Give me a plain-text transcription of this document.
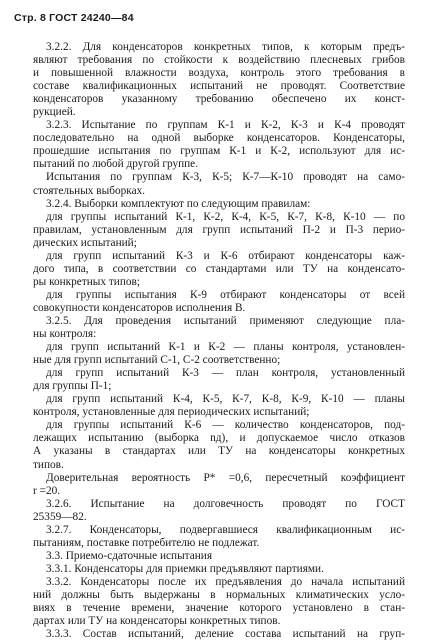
Стр. 8 ГОСТ 24240—84
3.2.2. Для конденсаторов конкретных типов, к которым предъ-
являют требования по стойкости к воздействию плесневых грибов
и повышенной влажности воздуха, контроль этого требования в
составе квалификационных испытаний не проводят. Соответствие
конденсаторов указанному требованию обеспечено их конст-
рукцией.
3.2.3. Испытание по группам К-1 и К-2, К-3 и К-4 проводят
последовательно на одной выборке конденсаторов. Конденсаторы,
прошедшие испытания по группам К-1 и К-2, используют для ис-
пытаний по любой другой группе.
Испытания по группам К-3, К-5; К-7—К-10 проводят на само-
стоятельных выборках.
3.2.4. Выборки комплектуют по следующим правилам:
для группы испытаний К-1, К-2, К-4, К-5, К-7, К-8, К-10 — по
правилам, установленным для групп испытаний П-2 и П-3 перио-
дических испытаний;
для групп испытаний К-3 и К-6 отбирают конденсаторы каж-
дого типа, в соответствии со стандартами или ТУ на конденсато-
ры конкретных типов;
для группы испытания К-9 отбирают конденсаторы от всей
совокупности конденсаторов исполнения В.
3.2.5. Для проведения испытаний применяют следующие пла-
ны контроля:
для групп испытаний К-1 и К-2 — планы контроля, установлен-
ные для групп испытаний С-1, С-2 соответственно;
для групп испытаний К-3 — план контроля, установленный
для группы П-1;
для групп испытаний К-4, К-5, К-7, К-8, К-9, К-10 — планы
контроля, установленные для периодических испытаний;
для группы испытаний К-6 — количество конденсаторов, под-
лежащих испытанию (выборка nд), и допускаемое число отказов
А указаны в стандартах или ТУ на конденсаторы конкретных
типов.
Доверительная вероятность P* =0,6, пересчетный коэффициент
r =20.
3.2.6. Испытание на долговечность проводят по ГОСТ
25359—82.
3.2.7. Конденсаторы, подвергавшиеся квалификационным ис-
пытаниям, поставке потребителю не подлежат.
3.3. Приемо-сдаточные испытания
3.3.1. Конденсаторы для приемки предъявляют партиями.
3.3.2. Конденсаторы после их предъявления до начала испытаний
ний должны быть выдержаны в нормальных климатических усло-
виях в течение времени, значение которого установлено в стан-
дартах или ТУ на конденсаторы конкретных типов.
3.3.3. Состав испытаний, деление состава испытаний на груп-
